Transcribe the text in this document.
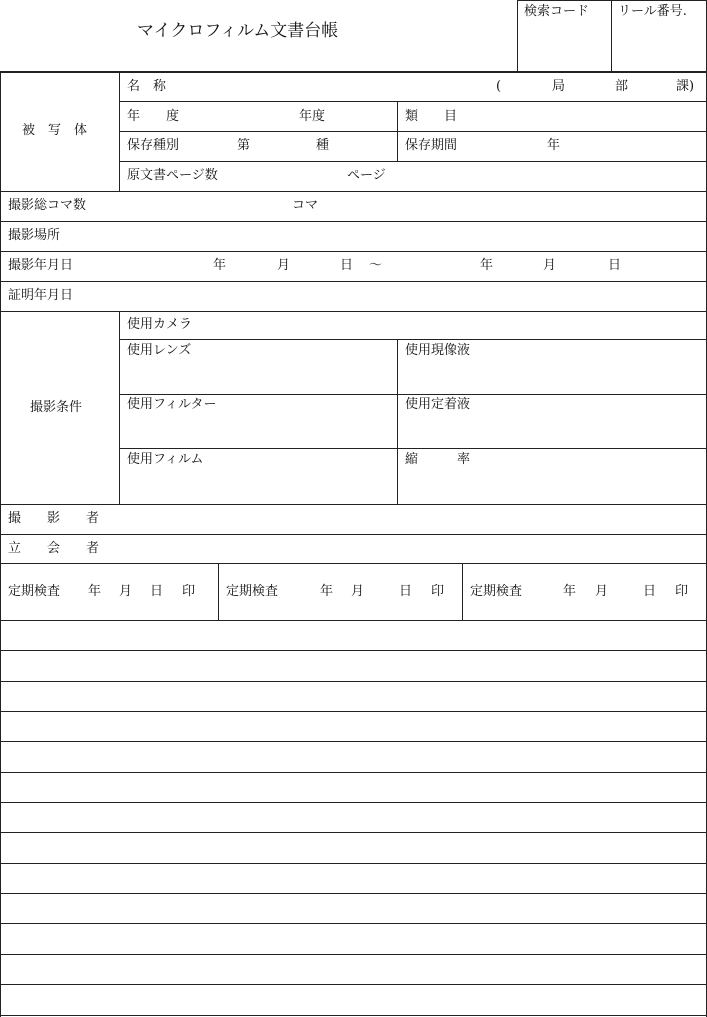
マイクロフィルム文書台帳
検索コード リール番号.
被　写　体
名　称	(	局	部	課)
年　　度	年度	類　　目
保存種別	第	種	保存期間	年
原文書ページ数	ページ
撮影総コマ数	コマ
撮影場所
撮影年月日	年	月	日 〜	年	月	日
証明年月日
撮影条件
使用カメラ
使用レンズ	使用現像液
使用フィルター	使用定着液
使用フィルム	縮　　　率
撮　　影　　者
立　　会　　者
定期検査 年 月 日 印 定期検査	年 月	日 印 定期検査	年 月	日 印
